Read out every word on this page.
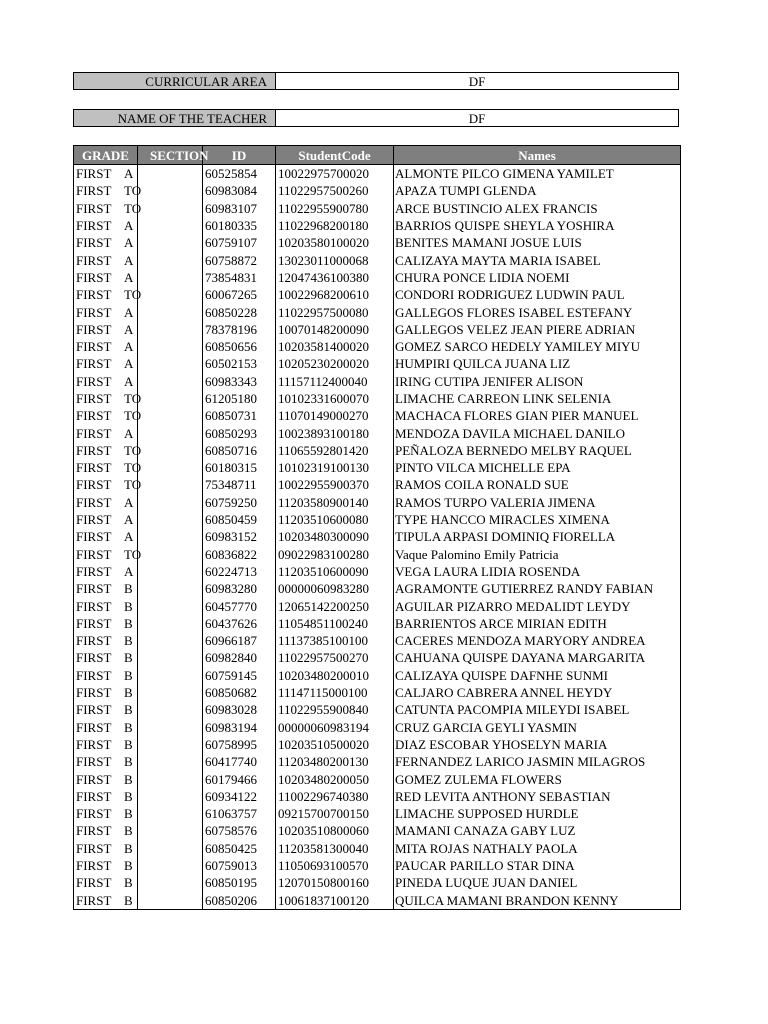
CURRICULAR AREA	DF
NAME OF THE TEACHER	DF
GRADE	SECTION	ID	StudentCode	Names
FIRST	A	60525854	10022975700020	ALMONTE PILCO GIMENA YAMILET
FIRST	TO	60983084	11022957500260	APAZA TUMPI GLENDA
FIRST	TO	60983107	11022955900780	ARCE BUSTINCIO ALEX FRANCIS
FIRST	A	60180335	11022968200180	BARRIOS QUISPE SHEYLA YOSHIRA
FIRST	A	60759107	10203580100020	BENITES MAMANI JOSUE LUIS
FIRST	A	60758872	13023011000068	CALIZAYA MAYTA MARIA ISABEL
FIRST	A	73854831	12047436100380	CHURA PONCE LIDIA NOEMI
FIRST	TO	60067265	10022968200610	CONDORI RODRIGUEZ LUDWIN PAUL
FIRST	A	60850228	11022957500080	GALLEGOS FLORES ISABEL ESTEFANY
FIRST	A	78378196	10070148200090	GALLEGOS VELEZ JEAN PIERE ADRIAN
FIRST	A	60850656	10203581400020	GOMEZ SARCO HEDELY YAMILEY MIYU
FIRST	A	60502153	10205230200020	HUMPIRI QUILCA JUANA LIZ
FIRST	A	60983343	11157112400040	IRING CUTIPA JENIFER ALISON
FIRST	TO	61205180	10102331600070	LIMACHE CARREON LINK SELENIA
FIRST	TO	60850731	11070149000270	MACHACA FLORES GIAN PIER MANUEL
FIRST	A	60850293	10023893100180	MENDOZA DAVILA MICHAEL DANILO
FIRST	TO	60850716	11065592801420	PEÑALOZA BERNEDO MELBY RAQUEL
FIRST	TO	60180315	10102319100130	PINTO VILCA MICHELLE EPA
FIRST	TO	75348711	10022955900370	RAMOS COILA RONALD SUE
FIRST	A	60759250	11203580900140	RAMOS TURPO VALERIA JIMENA
FIRST	A	60850459	11203510600080	TYPE HANCCO MIRACLES XIMENA
FIRST	A	60983152	10203480300090	TIPULA ARPASI DOMINIQ FIORELLA
FIRST	TO	60836822	09022983100280	Vaque Palomino Emily Patricia
FIRST	A	60224713	11203510600090	VEGA LAURA LIDIA ROSENDA
FIRST	B	60983280	00000060983280	AGRAMONTE GUTIERREZ RANDY FABIAN
FIRST	B	60457770	12065142200250	AGUILAR PIZARRO MEDALIDT LEYDY
FIRST	B	60437626	11054851100240	BARRIENTOS ARCE MIRIAN EDITH
FIRST	B	60966187	11137385100100	CACERES MENDOZA MARYORY ANDREA
FIRST	B	60982840	11022957500270	CAHUANA QUISPE DAYANA MARGARITA
FIRST	B	60759145	10203480200010	CALIZAYA QUISPE DAFNHE SUNMI
FIRST	B	60850682	11147115000100	CALJARO CABRERA ANNEL HEYDY
FIRST	B	60983028	11022955900840	CATUNTA PACOMPIA MILEYDI ISABEL
FIRST	B	60983194	00000060983194	CRUZ GARCIA GEYLI YASMIN
FIRST	B	60758995	10203510500020	DIAZ ESCOBAR YHOSELYN MARIA
FIRST	B	60417740	11203480200130	FERNANDEZ LARICO JASMIN MILAGROS
FIRST	B	60179466	10203480200050	GOMEZ ZULEMA FLOWERS
FIRST	B	60934122	11002296740380	RED LEVITA ANTHONY SEBASTIAN
FIRST	B	61063757	09215700700150	LIMACHE SUPPOSED HURDLE
FIRST	B	60758576	10203510800060	MAMANI CANAZA GABY LUZ
FIRST	B	60850425	11203581300040	MITA ROJAS NATHALY PAOLA
FIRST	B	60759013	11050693100570	PAUCAR PARILLO STAR DINA
FIRST	B	60850195	12070150800160	PINEDA LUQUE JUAN DANIEL
FIRST	B	60850206	10061837100120	QUILCA MAMANI BRANDON KENNY
